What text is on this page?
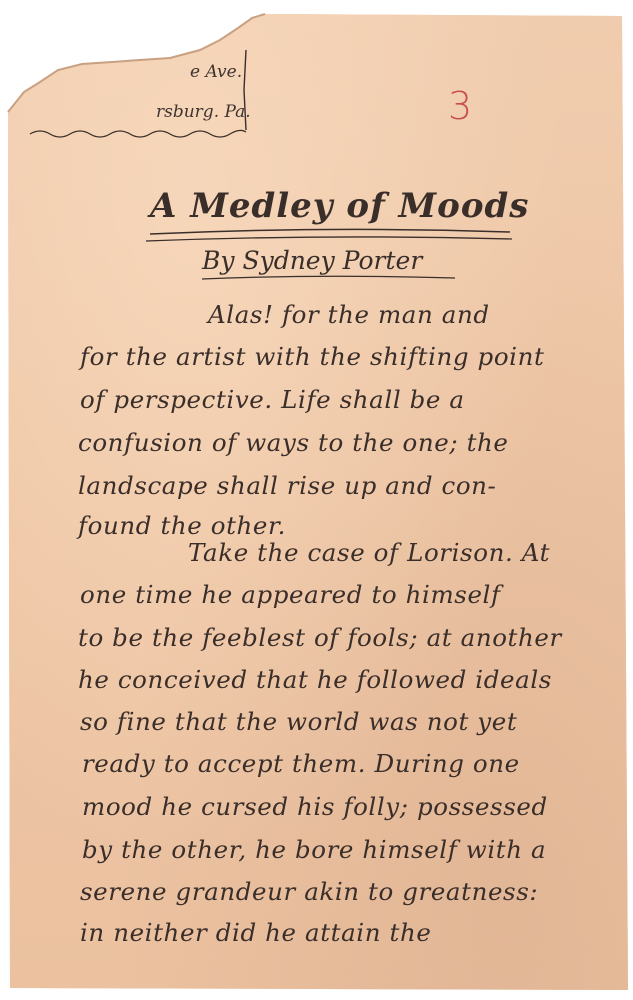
e Ave.

rsburg. Pa.	3

A Medley of Moods

By Sydney Porter

Alas! for the man and

for the artist with the shifting point

of perspective. Life shall be a

confusion of ways to the one; the

landscape shall rise up and con-

found the other.

Take the case of Lorison. At

one time he appeared to himself

to be the feeblest of fools; at another

he conceived that he followed ideals

so fine that the world was not yet

ready to accept them. During one

mood he cursed his folly; possessed

by the other, he bore himself with a

serene grandeur akin to greatness:

in neither did he attain the
